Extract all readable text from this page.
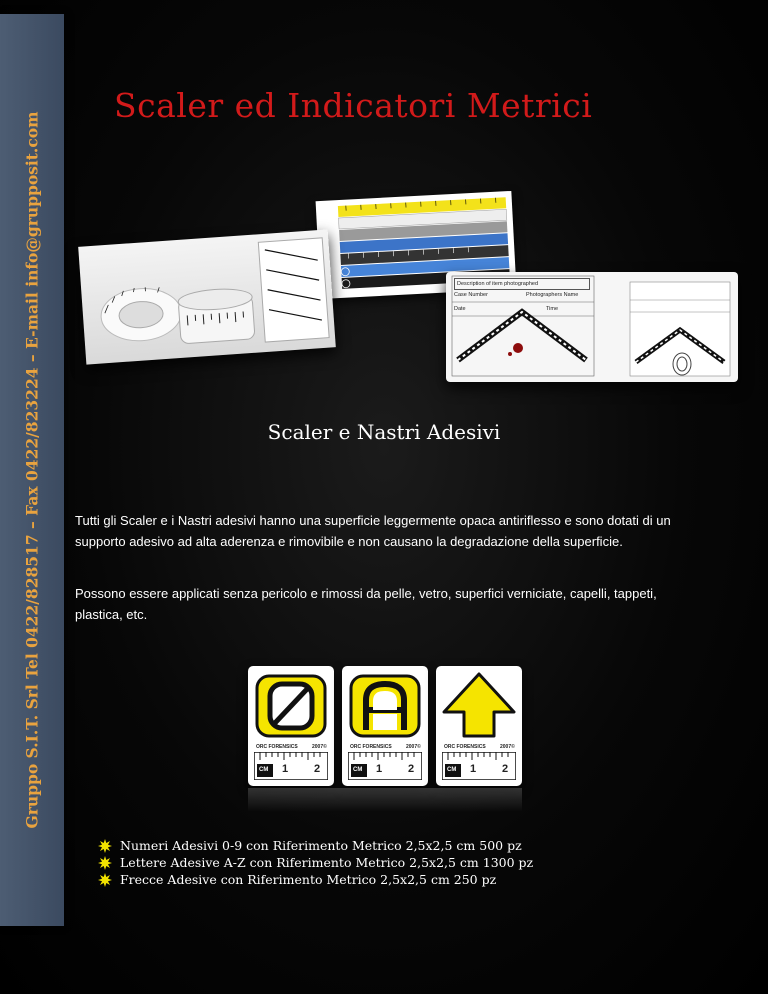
Gruppo S.I.T. Srl Tel 0422/828517 – Fax 0422/823224 – E-mail info@grupposit.com
Scaler ed Indicatori Metrici
Description of item photographed
Case Number	Photographers Name
Date	Time
Scaler e Nastri Adesivi

Tutti gli Scaler e i Nastri adesivi hanno una superficie leggermente opaca antiriflesso e sono dotati di un supporto adesivo ad alta aderenza e rimovibile e non causano la degradazione della superficie.

Possono essere applicati senza pericolo e rimossi da pelle, vetro, superfici verniciate, capelli, tappeti, plastica, etc.

ORC FORENSICS	2007©
CM 1 2
ORC FORENSICS	2007©
CM 1 2
ORC FORENSICS	2007©
CM 1 2
Numeri Adesivi 0-9 con Riferimento Metrico 2,5x2,5 cm 500 pz
Lettere Adesive A-Z con Riferimento Metrico 2,5x2,5 cm 1300 pz
Frecce Adesive con Riferimento Metrico 2,5x2,5 cm 250 pz
